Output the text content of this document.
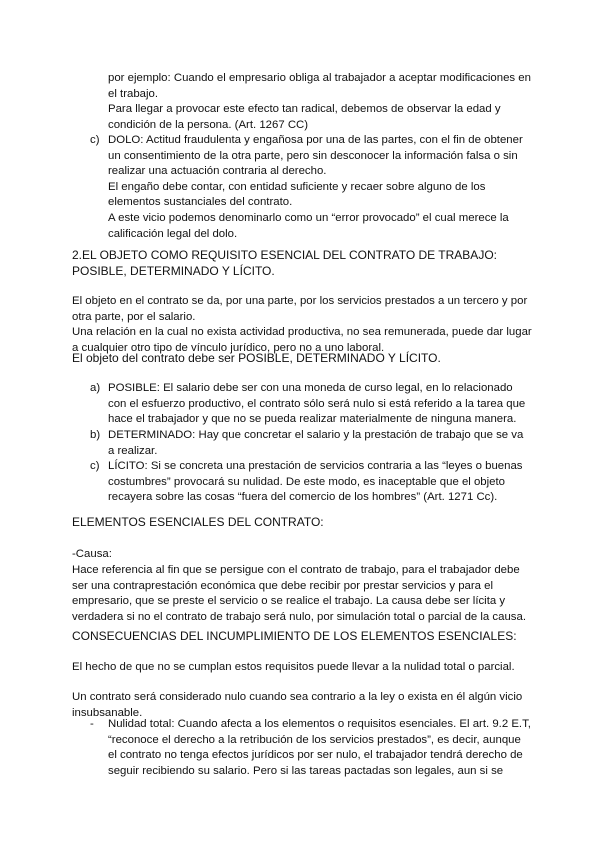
por ejemplo: Cuando el empresario obliga al trabajador a aceptar modificaciones en el trabajo.

Para llegar a provocar este efecto tan radical, debemos de observar la edad y condición de la persona. (Art. 1267 CC)

c) DOLO: Actitud fraudulenta y engañosa por una de las partes, con el fin de obtener un consentimiento de la otra parte, pero sin desconocer la información falsa o sin realizar una actuación contraria al derecho.

El engaño debe contar, con entidad suficiente y recaer sobre alguno de los elementos sustanciales del contrato.

A este vicio podemos denominarlo como un “error provocado” el cual merece la calificación legal del dolo.

2.EL OBJETO COMO REQUISITO ESENCIAL DEL CONTRATO DE TRABAJO: POSIBLE, DETERMINADO Y LÍCITO.

El objeto en el contrato se da, por una parte, por los servicios prestados a un tercero y por otra parte, por el salario.

Una relación en la cual no exista actividad productiva, no sea remunerada, puede dar lugar a cualquier otro tipo de vínculo jurídico, pero no a uno laboral.

El objeto del contrato debe ser POSIBLE, DETERMINADO Y LÍCITO.

a) POSIBLE: El salario debe ser con una moneda de curso legal, en lo relacionado con el esfuerzo productivo, el contrato sólo será nulo si está referido a la tarea que hace el trabajador y que no se pueda realizar materialmente de ninguna manera.

b) DETERMINADO: Hay que concretar el salario y la prestación de trabajo que se va a realizar.

c) LÍCITO: Si se concreta una prestación de servicios contraria a las “leyes o buenas costumbres” provocará su nulidad. De este modo, es inaceptable que el objeto recayera sobre las cosas “fuera del comercio de los hombres” (Art. 1271 Cc).

ELEMENTOS ESENCIALES DEL CONTRATO:

-Causa:

Hace referencia al fin que se persigue con el contrato de trabajo, para el trabajador debe ser una contraprestación económica que debe recibir por prestar servicios y para el empresario, que se preste el servicio o se realice el trabajo. La causa debe ser lícita y verdadera si no el contrato de trabajo será nulo, por simulación total o parcial de la causa.

CONSECUENCIAS DEL INCUMPLIMIENTO DE LOS ELEMENTOS ESENCIALES:

El hecho de que no se cumplan estos requisitos puede llevar a la nulidad total o parcial.

Un contrato será considerado nulo cuando sea contrario a la ley o exista en él algún vicio insubsanable.

-	Nulidad total: Cuando afecta a los elementos o requisitos esenciales. El art. 9.2 E.T, “reconoce el derecho a la retribución de los servicios prestados”, es decir, aunque el contrato no tenga efectos jurídicos por ser nulo, el trabajador tendrá derecho de seguir recibiendo su salario. Pero si las tareas pactadas son legales, aun si se
